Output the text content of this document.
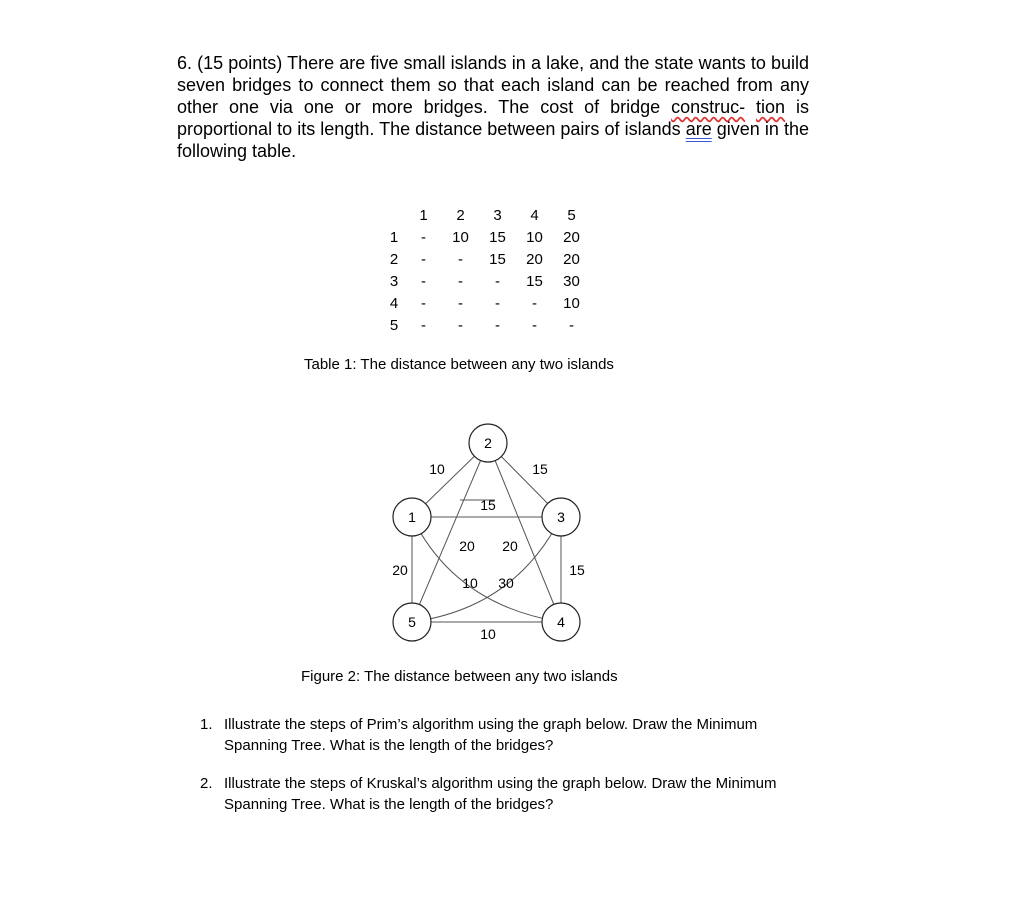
6. (15 points) There are five small islands in a lake, and the state wants to build seven bridges to connect them so that each island can be reached from any other one via one or more bridges. The cost of bridge construc- tion is proportional to its length. The distance between pairs of islands are given in the following table.

	1	2	3	4	5
1	-	10	15	10	20
2	-	-	15	20	20
3	-	-	-	15	30
4	-	-	-	-	10
5	-	-	-	-	-
Table 1: The distance between any two islands
1
2
3
4
5
10	15
15
20 20
20	15
10 30
10
Figure 2: The distance between any two islands
1. Illustrate the steps of Prim’s algorithm using the graph below. Draw the Minimum Spanning Tree. What is the length of the bridges?
2. Illustrate the steps of Kruskal’s algorithm using the graph below. Draw the Minimum Spanning Tree. What is the length of the bridges?
